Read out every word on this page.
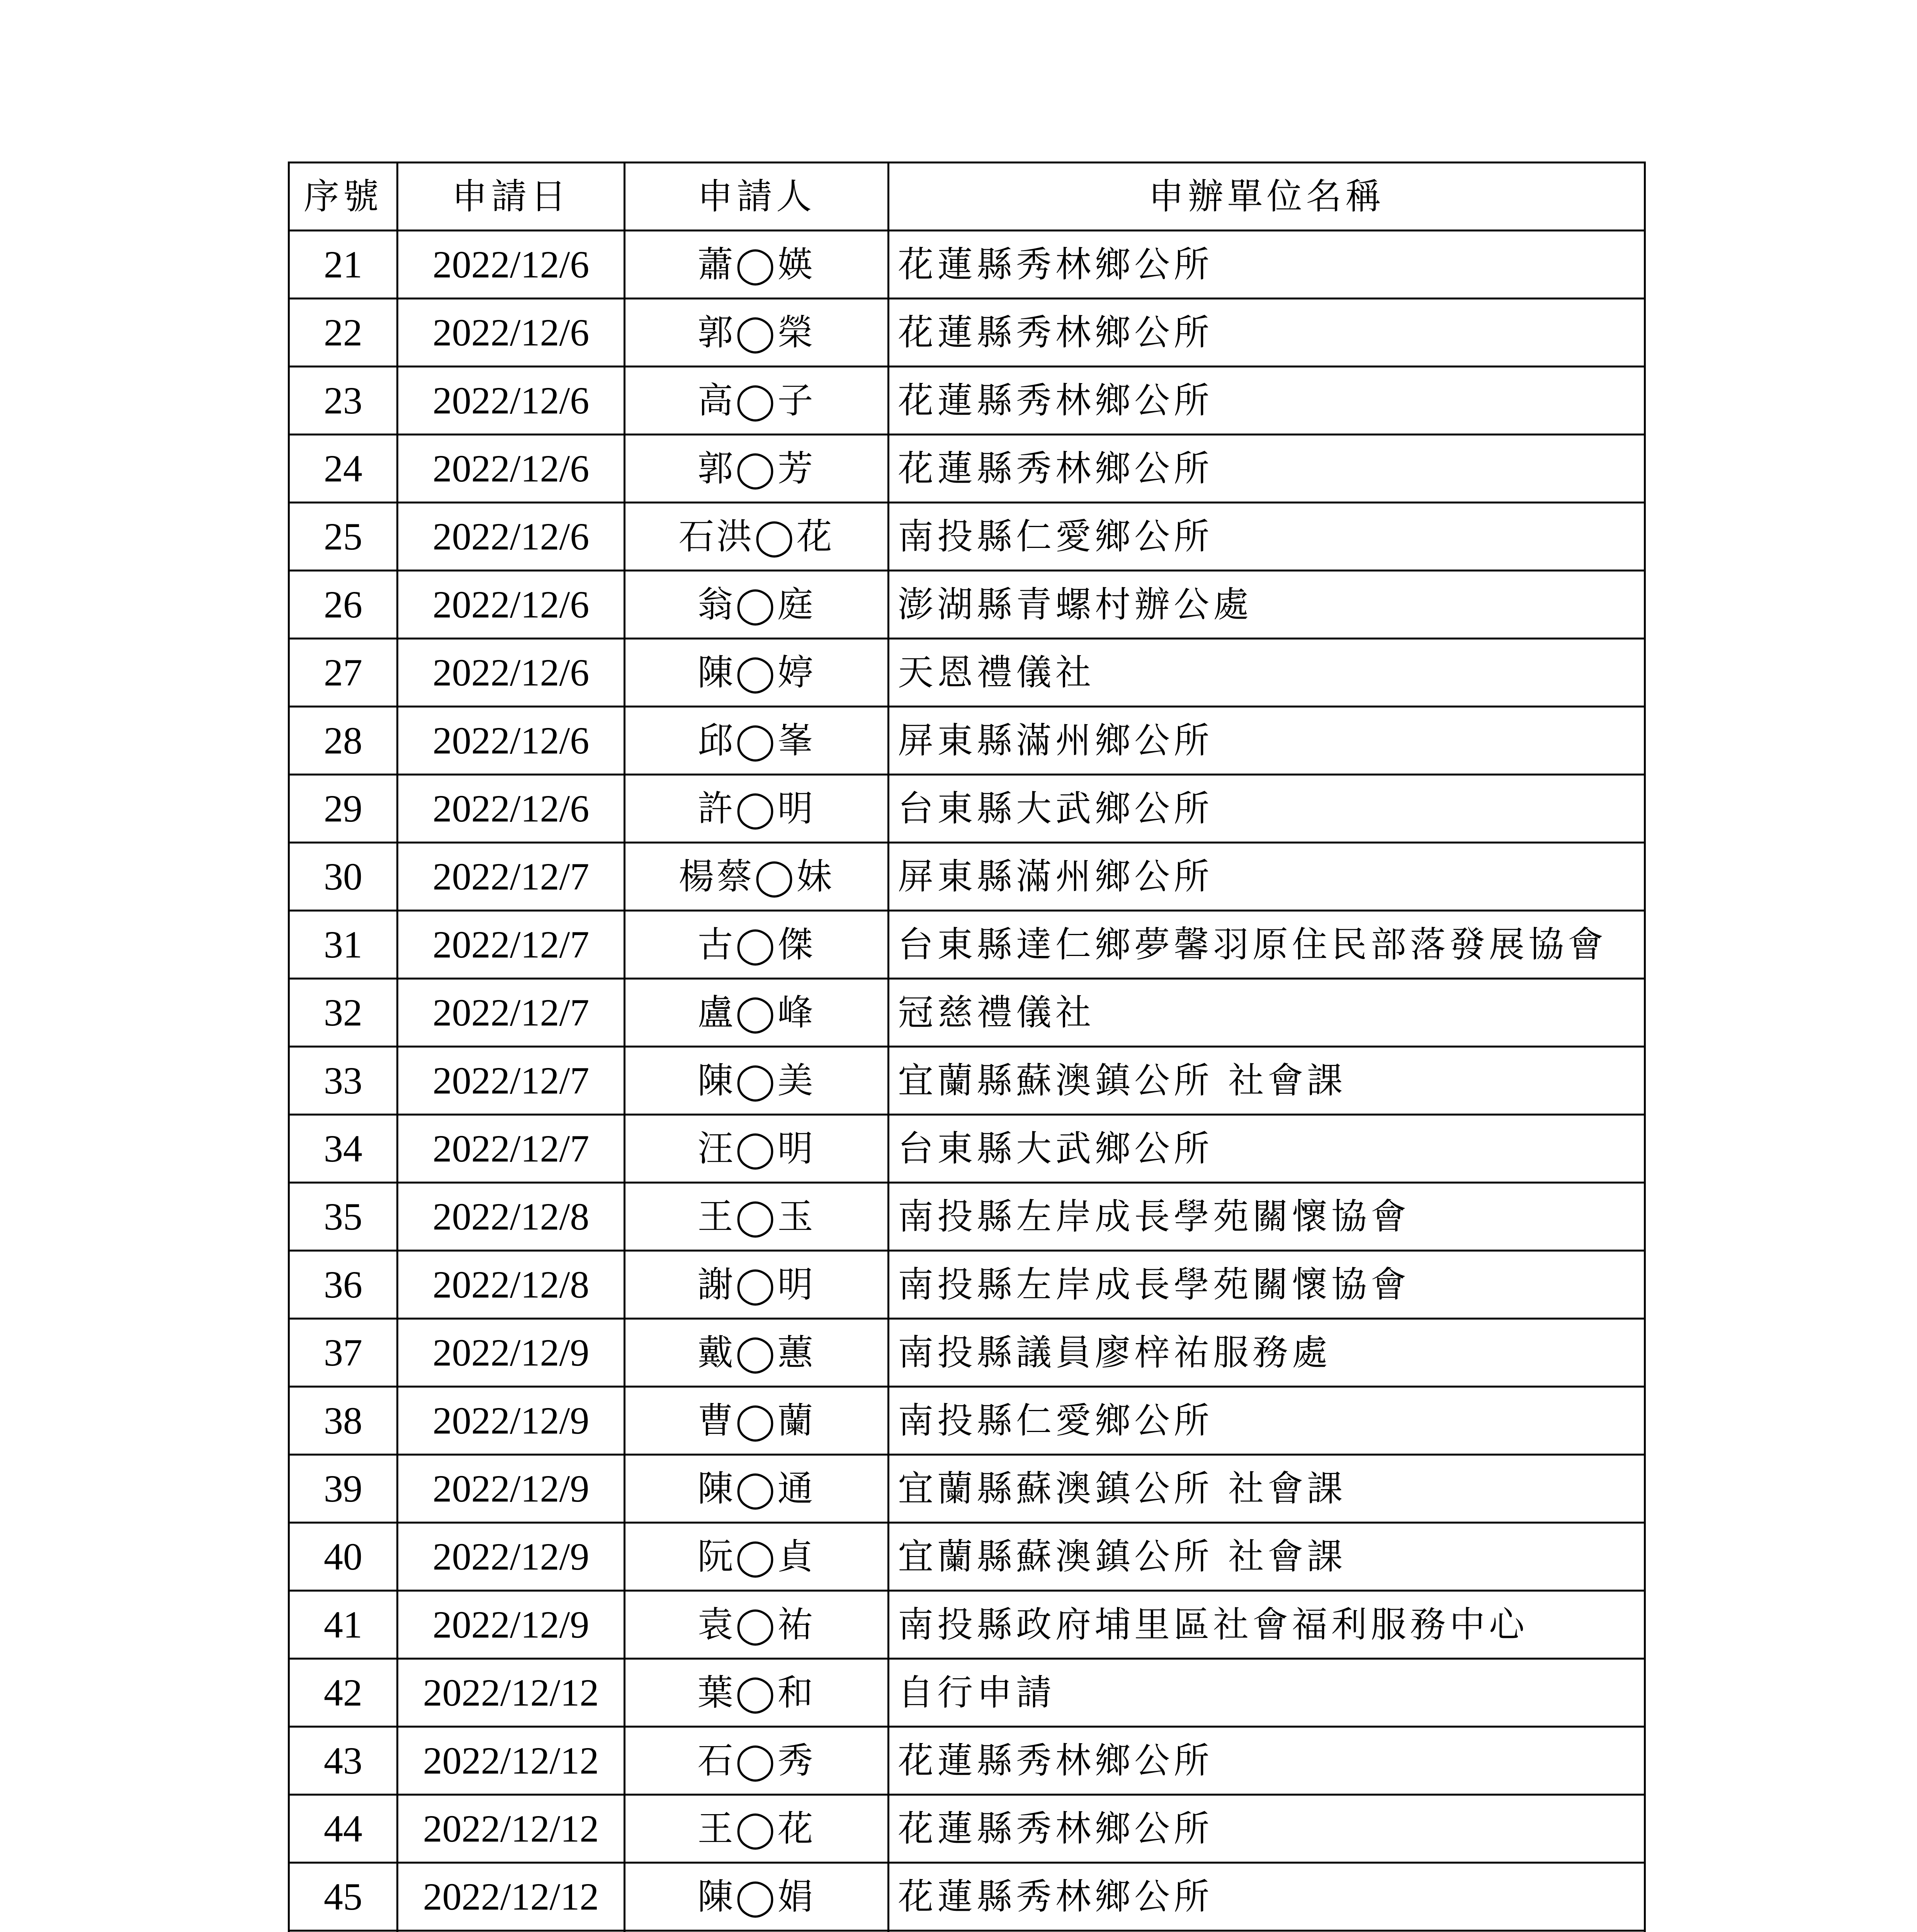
序號	申請日	申請人	申辦單位名稱
21	2022/12/6	蕭◯媖	花蓮縣秀林鄉公所
22	2022/12/6	郭◯榮	花蓮縣秀林鄉公所
23	2022/12/6	高◯子	花蓮縣秀林鄉公所
24	2022/12/6	郭◯芳	花蓮縣秀林鄉公所
25	2022/12/6	石洪◯花	南投縣仁愛鄉公所
26	2022/12/6	翁◯庭	澎湖縣青螺村辦公處
27	2022/12/6	陳◯婷	天恩禮儀社
28	2022/12/6	邱◯峯	屏東縣滿州鄉公所
29	2022/12/6	許◯明	台東縣大武鄉公所
30	2022/12/7	楊蔡◯妹	屏東縣滿州鄉公所
31	2022/12/7	古◯傑	台東縣達仁鄉夢馨羽原住民部落發展協會
32	2022/12/7	盧◯峰	冠慈禮儀社
33	2022/12/7	陳◯美	宜蘭縣蘇澳鎮公所 社會課
34	2022/12/7	汪◯明	台東縣大武鄉公所
35	2022/12/8	王◯玉	南投縣左岸成長學苑關懷協會
36	2022/12/8	謝◯明	南投縣左岸成長學苑關懷協會
37	2022/12/9	戴◯蕙	南投縣議員廖梓祐服務處
38	2022/12/9	曹◯蘭	南投縣仁愛鄉公所
39	2022/12/9	陳◯通	宜蘭縣蘇澳鎮公所 社會課
40	2022/12/9	阮◯貞	宜蘭縣蘇澳鎮公所 社會課
41	2022/12/9	袁◯祐	南投縣政府埔里區社會福利服務中心
42	2022/12/12	葉◯和	自行申請
43	2022/12/12	石◯秀	花蓮縣秀林鄉公所
44	2022/12/12	王◯花	花蓮縣秀林鄉公所
45	2022/12/12	陳◯娟	花蓮縣秀林鄉公所
